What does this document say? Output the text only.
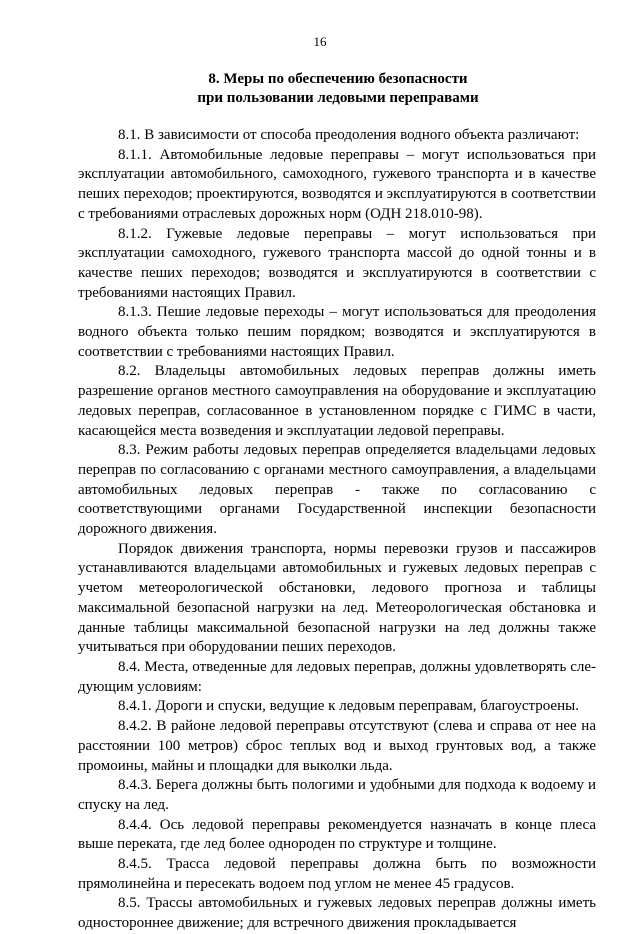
16
8. Меры по обеспечению безопасности
при пользовании ледовыми переправами

8.1. В зависимости от способа преодоления водного объекта различают:

8.1.1. Автомобильные ледовые переправы – могут использоваться при эксплуатации автомобильного, самоходного, гужевого транспорта и в качестве пеших переходов; проектируются, возводятся и эксплуатируются в соответствии с требованиями отраслевых дорожных норм (ОДН 218.010-98).

8.1.2. Гужевые ледовые переправы – могут использоваться при эксплуатации самоходного, гужевого транспорта массой до одной тонны и в качестве пеших переходов; возводятся и эксплуатируются в соответствии с требованиями настоящих Правил.

8.1.3. Пешие ледовые переходы – могут использоваться для преодоления водного объекта только пешим порядком; возводятся и эксплуатируются в соответствии с требованиями настоящих Правил.

8.2. Владельцы автомобильных ледовых переправ должны иметь разрешение органов местного самоуправления на оборудование и эксплуатацию ледовых переправ, согласованное в установленном порядке с ГИМС в части, касающейся места возведения и эксплуатации ледовой переправы.

8.3. Режим работы ледовых переправ определяется владельцами ледовых переправ по согласованию с органами местного самоуправления, а владельцами автомобильных ледовых переправ - также по согласованию с соответствующими органами Государственной инспекции безопасности дорожного движения.

Порядок движения транспорта, нормы перевозки грузов и пассажиров устанавливаются владельцами автомобильных и гужевых ледовых переправ с учетом метеорологической обстановки, ледового прогноза и таблицы максимальной безопасной нагрузки на лед. Метеорологическая обстановка и данные таблицы максимальной безопасной нагрузки на лед должны также учитываться при оборудовании пеших переходов.

8.4. Места, отведенные для ледовых переправ, должны удовлетворять сле-дующим условиям:

8.4.1. Дороги и спуски, ведущие к ледовым переправам, благоустроены.

8.4.2. В районе ледовой переправы отсутствуют (слева и справа от нее на расстоянии 100 метров) сброс теплых вод и выход грунтовых вод, а также промоины, майны и площадки для выколки льда.

8.4.3. Берега должны быть пологими и удобными для подхода к водоему и спуску на лед.

8.4.4. Ось ледовой переправы рекомендуется назначать в конце плеса выше переката, где лед более однороден по структуре и толщине.

8.4.5. Трасса ледовой переправы должна быть по возможности прямолинейна и пересекать водоем под углом не менее 45 градусов.

8.5. Трассы автомобильных и гужевых ледовых переправ должны иметь одностороннее движение; для встречного движения прокладывается
